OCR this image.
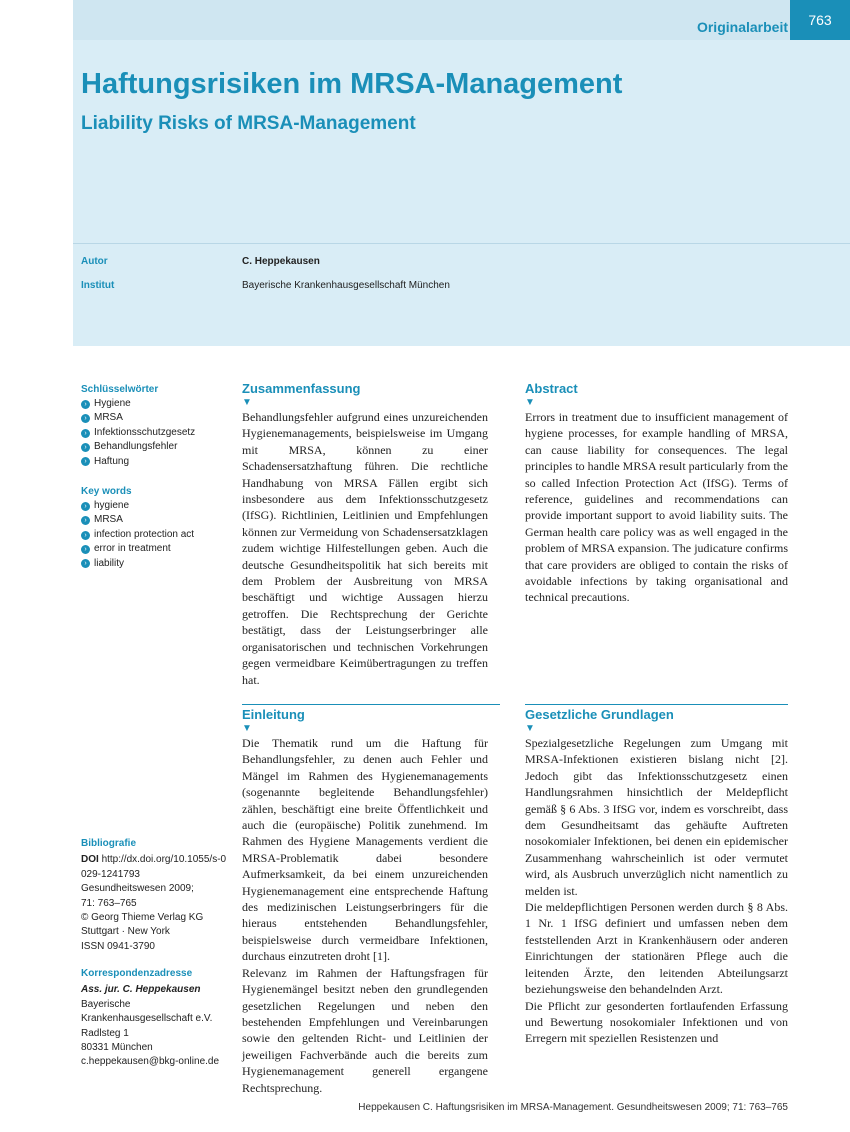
Originalarbeit	763
Haftungsrisiken im MRSA-Management
Liability Risks of MRSA-Management
Autor	C. Heppekausen
Institut	Bayerische Krankenhausgesellschaft München
Schlüsselwörter
› Hygiene
› MRSA
› Infektionsschutzgesetz
› Behandlungsfehler
› Haftung
Key words
› hygiene
› MRSA
› infection protection act
› error in treatment
› liability
Zusammenfassung
▼

Behandlungsfehler aufgrund eines unzureichenden Hygienemanagements, beispielsweise im Umgang mit MRSA, können zu einer Schadensersatzhaftung führen. Die rechtliche Handhabung von MRSA Fällen ergibt sich insbesondere aus dem Infektionsschutzgesetz (IfSG). Richtlinien, Leitlinien und Empfehlungen können zur Vermeidung von Schadensersatzklagen zudem wichtige Hilfestellungen geben. Auch die deutsche Gesundheitspolitik hat sich bereits mit dem Problem der Ausbreitung von MRSA beschäftigt und wichtige Aussagen hierzu getroffen. Die Rechtsprechung der Gerichte bestätigt, dass der Leistungserbringer alle organisatorischen und technischen Vorkehrungen gegen vermeidbare Keimübertragungen zu treffen hat.

Abstract
▼

Errors in treatment due to insufficient management of hygiene processes, for example handling of MRSA, can cause liability for consequences. The legal principles to handle MRSA result particularly from the so called Infection Protection Act (IfSG). Terms of reference, guidelines and recommendations can provide important support to avoid liability suits. The German health care policy was as well engaged in the problem of MRSA expansion. The judicature confirms that care providers are obliged to contain the risks of avoidable infections by taking organisational and technical precautions.

Einleitung
▼

Die Thematik rund um die Haftung für Behandlungsfehler, zu denen auch Fehler und Mängel im Rahmen des Hygienemanagements (sogenannte begleitende Behandlungsfehler) zählen, beschäftigt eine breite Öffentlichkeit und auch die (europäische) Politik zunehmend. Im Rahmen des Hygiene Managements verdient die MRSA-Problematik dabei besondere Aufmerksamkeit, da bei einem unzureichenden Hygienemanagement eine entsprechende Haftung des medizinischen Leistungserbringers für die hieraus entstehenden Behandlungsfehler, beispielsweise durch vermeidbare Infektionen, durchaus einzutreten droht [1].

Relevanz im Rahmen der Haftungsfragen für Hygienemängel besitzt neben den grundlegenden gesetzlichen Regelungen und neben den bestehenden Empfehlungen und Vereinbarungen sowie den geltenden Richt- und Leitlinien der jeweiligen Fachverbände auch die bereits zum Hygienemanagement generell ergangene Rechtsprechung.

Gesetzliche Grundlagen
▼

Spezialgesetzliche Regelungen zum Umgang mit MRSA-Infektionen existieren bislang nicht [2]. Jedoch gibt das Infektionsschutzgesetz einen Handlungsrahmen hinsichtlich der Meldepflicht gemäß § 6 Abs. 3 IfSG vor, indem es vorschreibt, dass dem Gesundheitsamt das gehäufte Auftreten nosokomialer Infektionen, bei denen ein epidemischer Zusammenhang wahrscheinlich ist oder vermutet wird, als Ausbruch unverzüglich nicht namentlich zu melden ist.

Die meldepflichtigen Personen werden durch § 8 Abs. 1 Nr. 1 IfSG definiert und umfassen neben dem feststellenden Arzt in Krankenhäusern oder anderen Einrichtungen der stationären Pflege auch die leitenden Ärzte, den leitenden Abteilungsarzt beziehungsweise den behandelnden Arzt.

Die Pflicht zur gesonderten fortlaufenden Erfassung und Bewertung nosokomialer Infektionen und von Erregern mit speziellen Resistenzen und

Bibliografie
DOI http://dx.doi.org/10.1055/s-0029-1241793
Gesundheitswesen 2009;
71: 763–765
© Georg Thieme Verlag KG
Stuttgart · New York
ISSN 0941-3790
Korrespondenzadresse
Ass. jur. C. Heppekausen
Bayerische
Krankenhausgesellschaft e.V.
Radlsteg 1
80331 München
c.heppekausen@bkg-online.de
Heppekausen C. Haftungsrisiken im MRSA-Management. Gesundheitswesen 2009; 71: 763–765
